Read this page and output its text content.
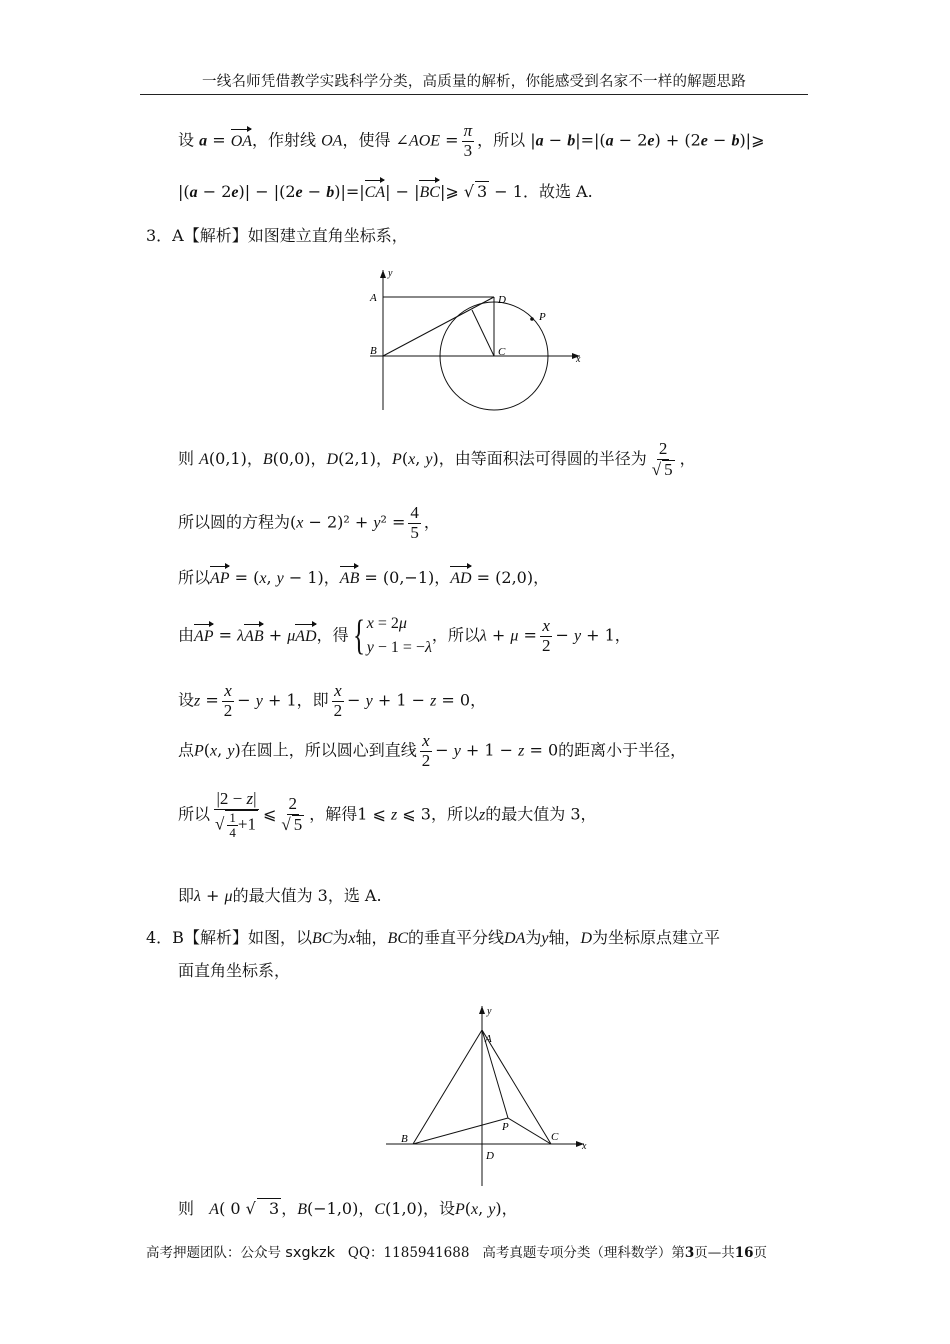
一线名师凭借教学实践科学分类，高质量的解析，你能感受到名家不一样的解题思路
设 a = OA，作射线 OA，使得 ∠AOE = $\frac{\pi}{3}$ ，所以 |a − b|=|(a − 2e) + (2e − b)|⩾
|(a − 2e)| − |(2e − b)|=|CA| − |BC|⩾ √ 3 − 1．故选 A.
3．A【解析】如图建立直角坐标系，
y
A	D
P
B	C
x
则 A(0,1)，B(0,0)，D(2,1)，P(x, y)，由等面积法可得圆的半径为 $\frac{2}{√ 5}$ ，
所以圆的方程为$(x - 2)^2 + y^2 = \frac{4}{5}$ ，
所以AP = (x, y − 1)，AB = (0,−1)，AD = (2,0)，
由AP = λAB + μAD，得{ x = 2μ
y − 1 = −λ
，所以$\lambda + \mu = \frac{x}{2} - y + 1$，
设$z = \frac{x}{2} - y + 1$，即 $\frac{x}{2} - y + 1 - z = 0$，
点P(x, y)在圆上，所以圆心到直线 $\frac{x}{2} - y + 1 - z = 0$的距离小于半径，
所以 $\frac{|2 - z|}{√ \frac{1}{4} +1}$ ⩽ $\frac{2}{√ 5}$ ，解得1 ⩽ z ⩽ 3，所以z的最大值为 3，
即λ + μ的最大值为 3，选 A.
4．B【解析】如图，以BC为x轴，BC的垂直平分线DA为y轴，D为坐标原点建立平
面直角坐标系，
y
A
P
B	C
x
D
则 A( 0 √  3 ，B(−1,0)，C(1,0)，设P(x, y)，
高考押题团队：公众号 sxgkzk QQ：1185941688 高考真题专项分类（理科数学）第3页—共16页
